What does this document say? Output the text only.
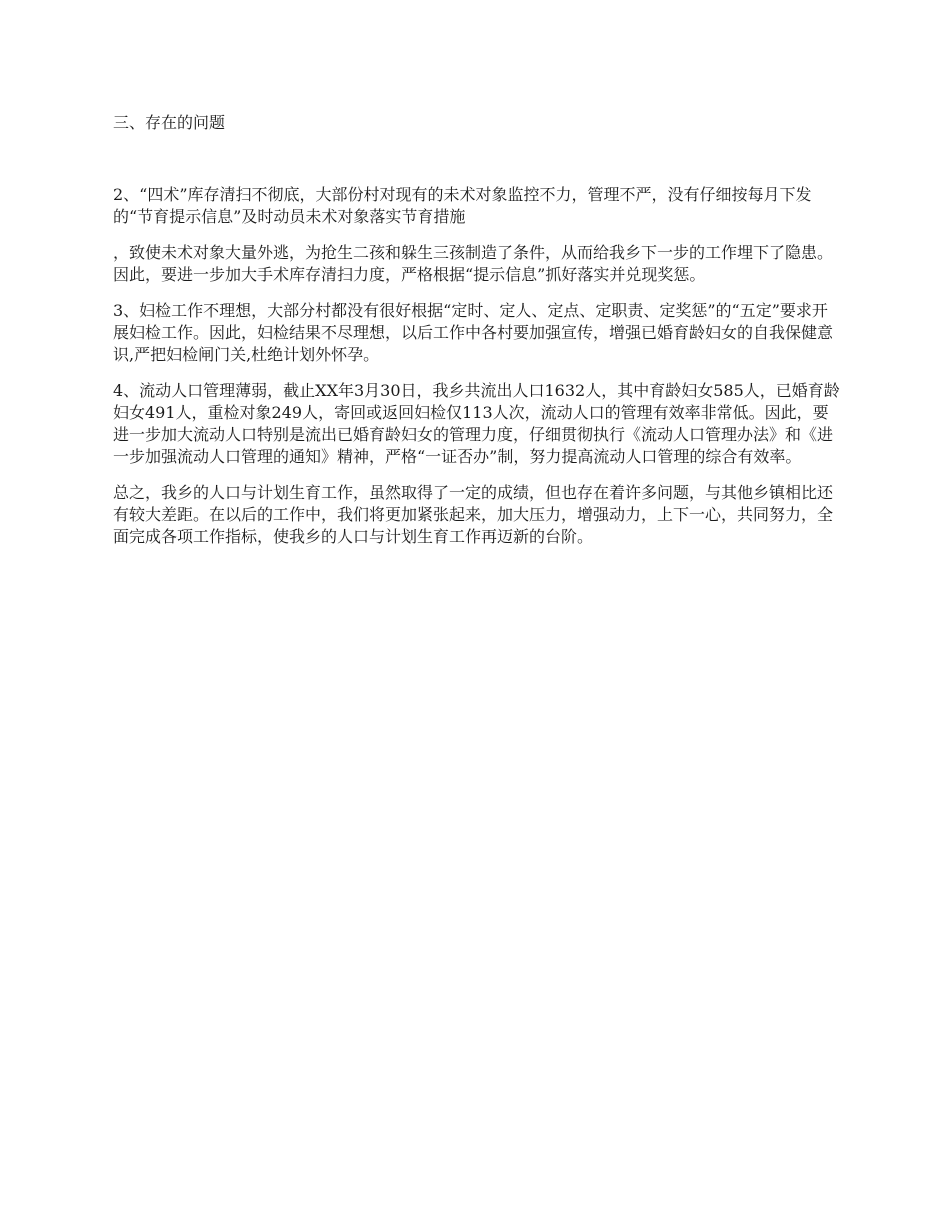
三、存在的问题

2、“四术”库存清扫不彻底，大部份村对现有的未术对象监控不力，管理不严，没有仔细按每月下发的“节育提示信息”及时动员未术对象落实节育措施

，致使未术对象大量外逃，为抢生二孩和躲生三孩制造了条件，从而给我乡下一步的工作埋下了隐患。因此，要进一步加大手术库存清扫力度，严格根据“提示信息”抓好落实并兑现奖惩。

3、妇检工作不理想，大部分村都没有很好根据“定时、定人、定点、定职责、定奖惩”的“五定”要求开展妇检工作。因此，妇检结果不尽理想，以后工作中各村要加强宣传，增强已婚育龄妇女的自我保健意识,严把妇检闸门关,杜绝计划外怀孕。

4、流动人口管理薄弱，截止XX年3月30日，我乡共流出人口1632人，其中育龄妇女585人，已婚育龄妇女491人，重检对象249人，寄回或返回妇检仅113人次，流动人口的管理有效率非常低。因此，要进一步加大流动人口特别是流出已婚育龄妇女的管理力度，仔细贯彻执行《流动人口管理办法》和《进一步加强流动人口管理的通知》精神，严格“一证否办”制，努力提高流动人口管理的综合有效率。

总之，我乡的人口与计划生育工作，虽然取得了一定的成绩，但也存在着许多问题，与其他乡镇相比还有较大差距。在以后的工作中，我们将更加紧张起来，加大压力，增强动力，上下一心，共同努力，全面完成各项工作指标，使我乡的人口与计划生育工作再迈新的台阶。
